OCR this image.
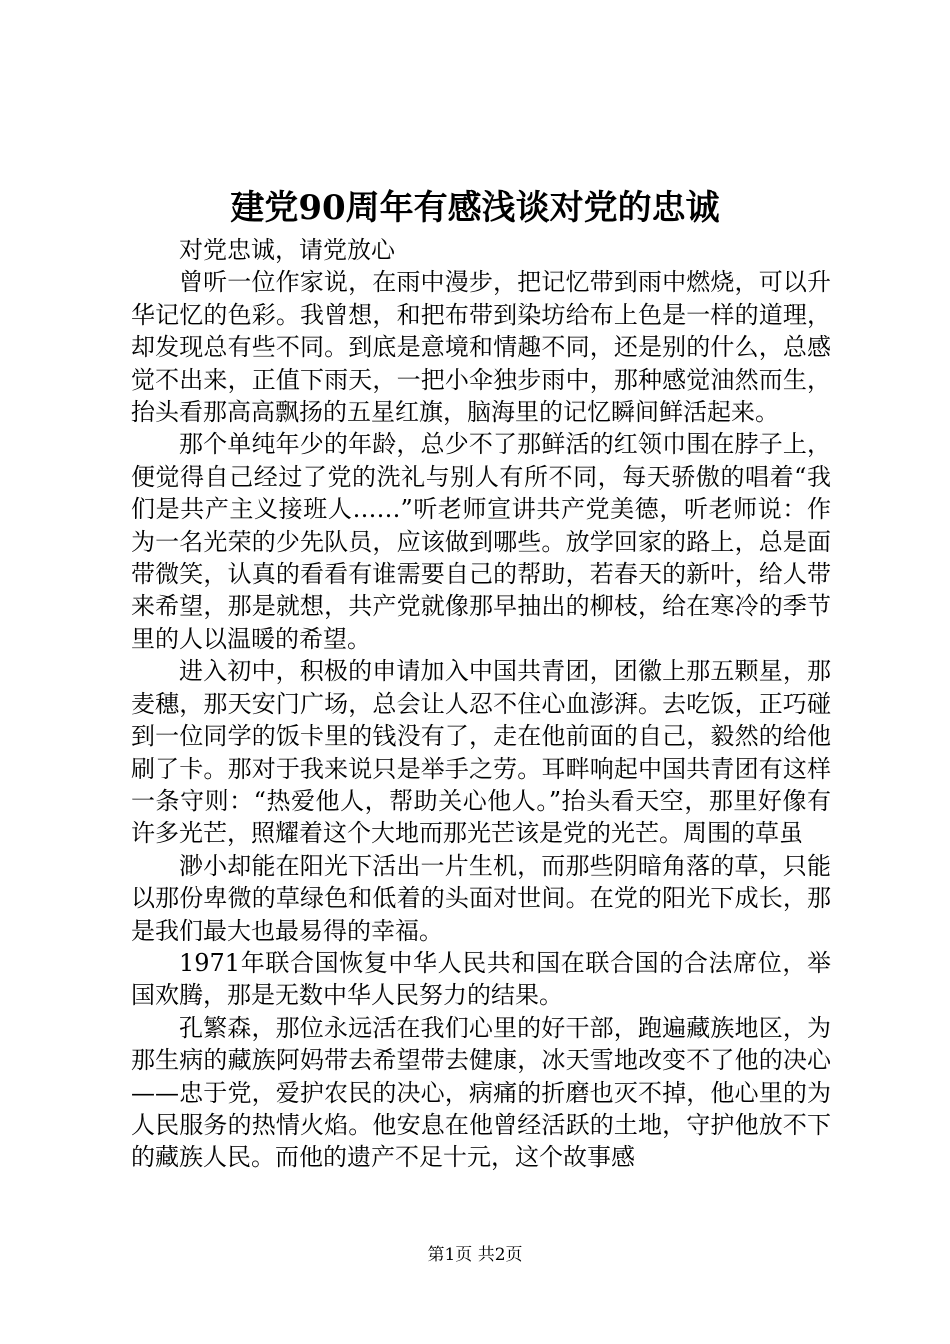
建党90周年有感浅谈对党的忠诚

对党忠诚，请党放心

曾听一位作家说，在雨中漫步，把记忆带到雨中燃烧，可以升华记忆的色彩。我曾想，和把布带到染坊给布上色是一样的道理，却发现总有些不同。到底是意境和情趣不同，还是别的什么，总感觉不出来，正值下雨天，一把小伞独步雨中，那种感觉油然而生，抬头看那高高飘扬的五星红旗，脑海里的记忆瞬间鲜活起来。

那个单纯年少的年龄，总少不了那鲜活的红领巾围在脖子上，便觉得自己经过了党的洗礼与别人有所不同，每天骄傲的唱着“我们是共产主义接班人……”听老师宣讲共产党美德，听老师说：作为一名光荣的少先队员，应该做到哪些。放学回家的路上，总是面带微笑，认真的看看有谁需要自己的帮助，若春天的新叶，给人带来希望，那是就想，共产党就像那早抽出的柳枝，给在寒冷的季节里的人以温暖的希望。

进入初中，积极的申请加入中国共青团，团徽上那五颗星，那麦穗，那天安门广场，总会让人忍不住心血澎湃。去吃饭，正巧碰到一位同学的饭卡里的钱没有了，走在他前面的自己，毅然的给他刷了卡。那对于我来说只是举手之劳。耳畔响起中国共青团有这样一条守则：“热爱他人，帮助关心他人。”抬头看天空，那里好像有许多光芒，照耀着这个大地而那光芒该是党的光芒。周围的草虽

渺小却能在阳光下活出一片生机，而那些阴暗角落的草，只能以那份卑微的草绿色和低着的头面对世间。在党的阳光下成长，那是我们最大也最易得的幸福。

1971年联合国恢复中华人民共和国在联合国的合法席位，举国欢腾，那是无数中华人民努力的结果。

孔繁森，那位永远活在我们心里的好干部，跑遍藏族地区，为那生病的藏族阿妈带去希望带去健康，冰天雪地改变不了他的决心——忠于党，爱护农民的决心，病痛的折磨也灭不掉，他心里的为人民服务的热情火焰。他安息在他曾经活跃的土地，守护他放不下的藏族人民。而他的遗产不足十元，这个故事感

第1页 共2页
